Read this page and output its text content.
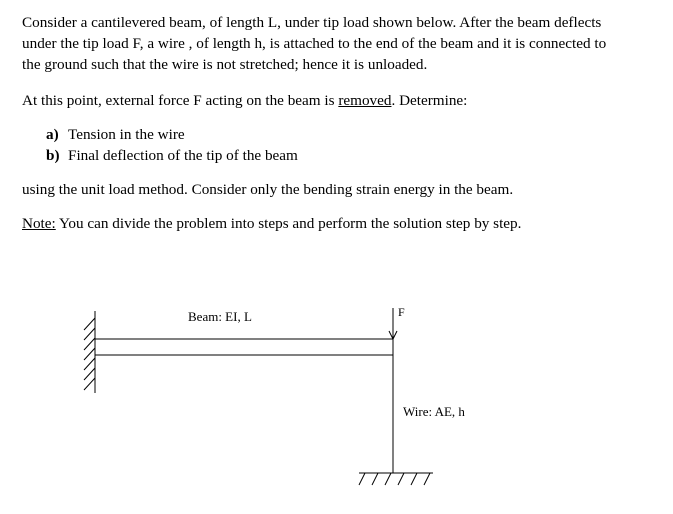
Consider a cantilevered beam, of length L, under tip load shown below. After the beam deflects
under the tip load F, a wire , of length h, is attached to the end of the beam and it is connected to
the ground such that the wire is not stretched; hence it is unloaded.
At this point, external force F acting on the beam is removed. Determine:
a) Tension in the wire
b) Final deflection of the tip of the beam
using the unit load method. Consider only the bending strain energy in the beam.
Note: You can divide the problem into steps and perform the solution step by step.
Beam: EI, L	F
Wire: AE, h
